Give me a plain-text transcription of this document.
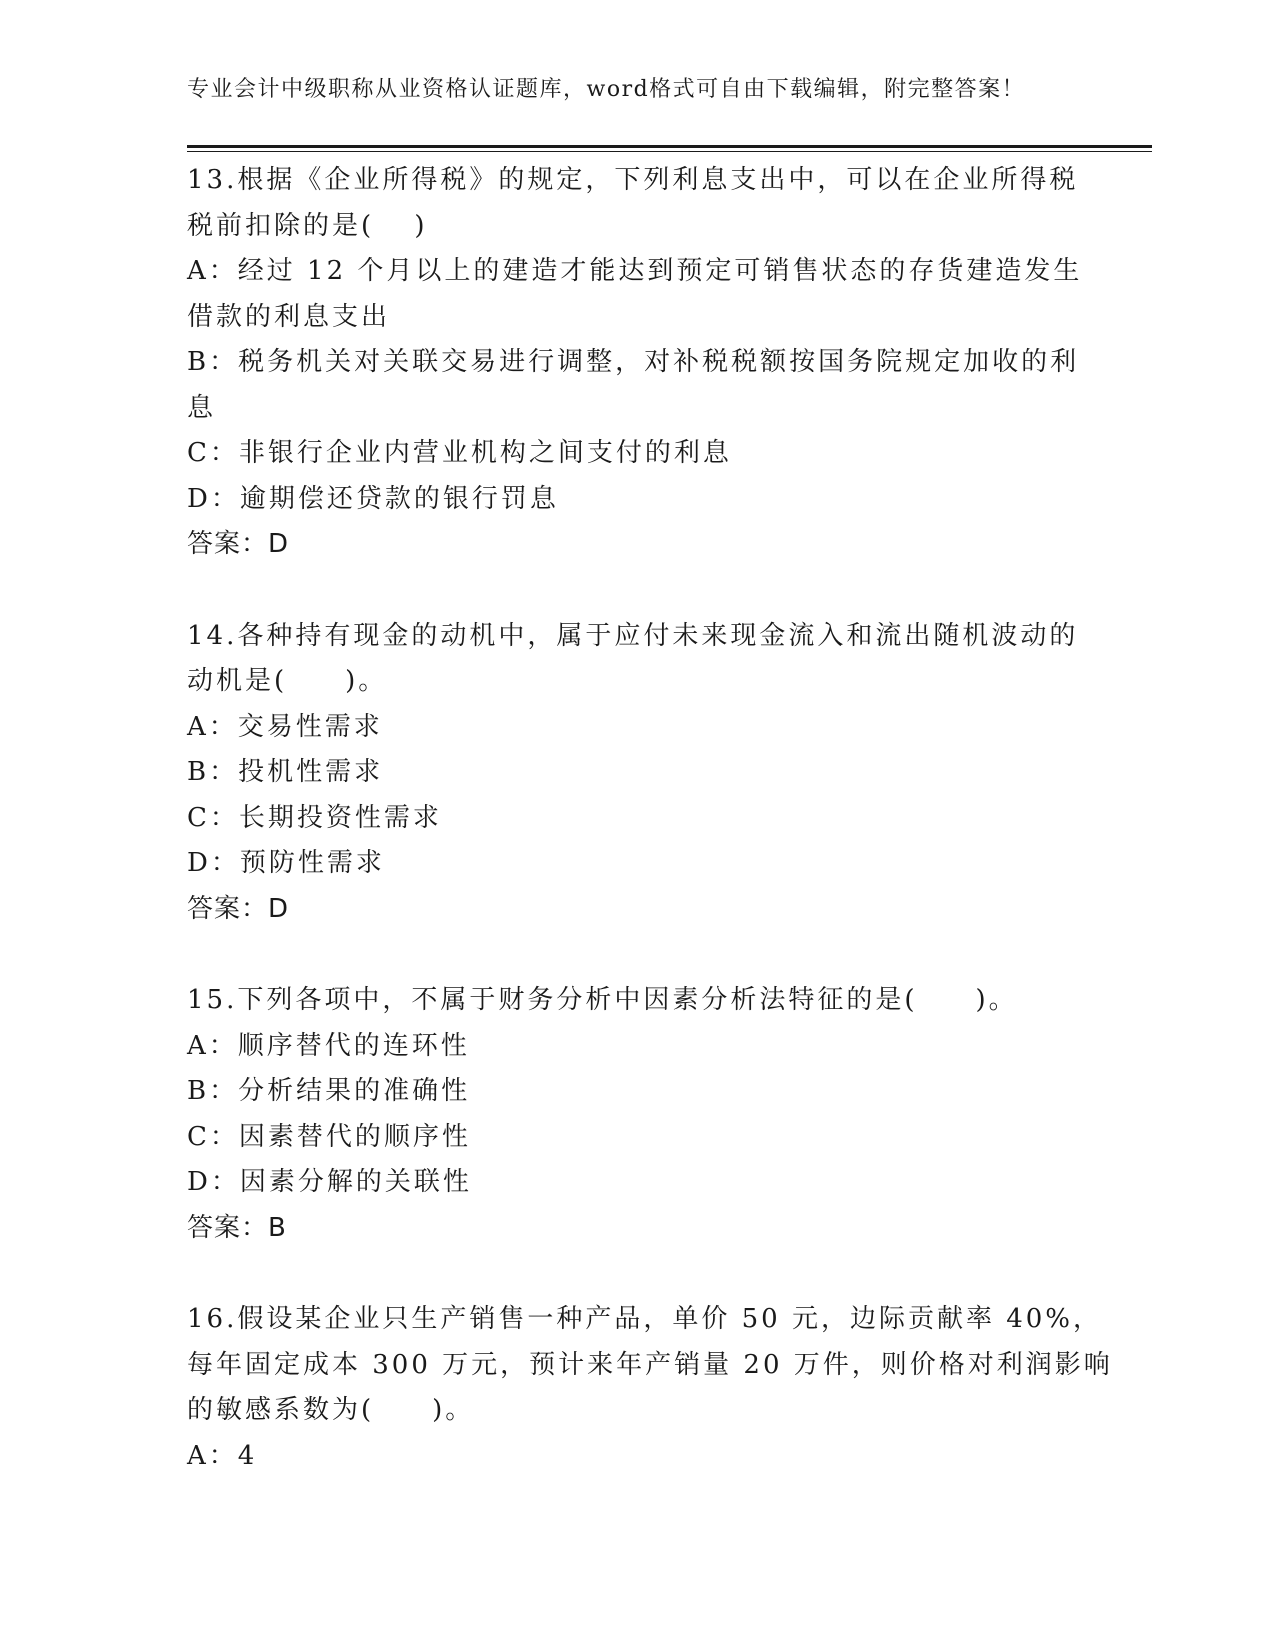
专业会计中级职称从业资格认证题库，word格式可自由下载编辑，附完整答案！
13.根据《企业所得税》的规定，下列利息支出中，可以在企业所得税
税前扣除的是(　 )
A：经过 12 个月以上的建造才能达到预定可销售状态的存货建造发生
借款的利息支出
B：税务机关对关联交易进行调整，对补税税额按国务院规定加收的利
息
C：非银行企业内营业机构之间支付的利息
D：逾期偿还贷款的银行罚息
答案：D
14.各种持有现金的动机中，属于应付未来现金流入和流出随机波动的
动机是(　　)。
A：交易性需求
B：投机性需求
C：长期投资性需求
D：预防性需求
答案：D
15.下列各项中，不属于财务分析中因素分析法特征的是(　　)。
A：顺序替代的连环性
B：分析结果的准确性
C：因素替代的顺序性
D：因素分解的关联性
答案：B
16.假设某企业只生产销售一种产品，单价 50 元，边际贡献率 40%，
每年固定成本 300 万元，预计来年产销量 20 万件，则价格对利润影响
的敏感系数为(　　)。
A：4
